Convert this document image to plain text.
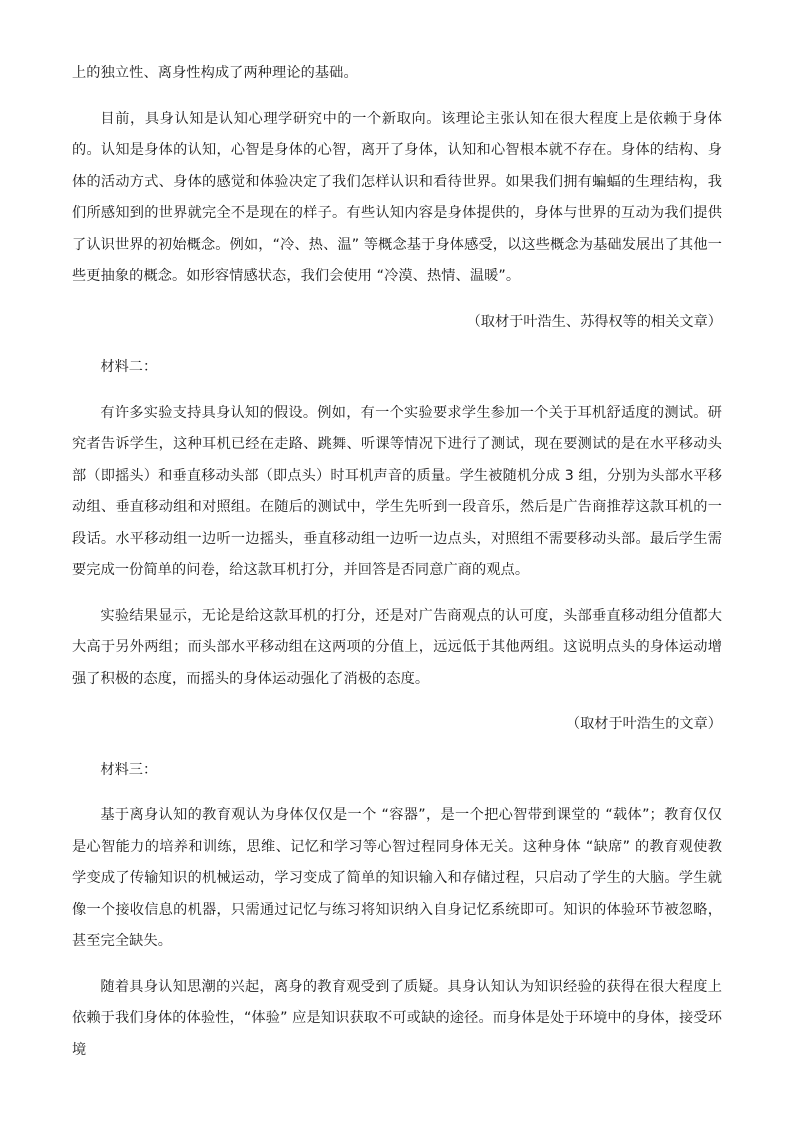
上的独立性、离身性构成了两种理论的基础。

目前，具身认知是认知心理学研究中的一个新取向。该理论主张认知在很大程度上是依赖于身体的。认知是身体的认知，心智是身体的心智，离开了身体，认知和心智根本就不存在。身体的结构、身体的活动方式、身体的感觉和体验决定了我们怎样认识和看待世界。如果我们拥有蝙蝠的生理结构，我们所感知到的世界就完全不是现在的样子。有些认知内容是身体提供的，身体与世界的互动为我们提供了认识世界的初始概念。例如，“冷、热、温” 等概念基于身体感受，以这些概念为基础发展出了其他一些更抽象的概念。如形容情感状态，我们会使用 “冷漠、热情、温暖”。

（取材于叶浩生、苏得权等的相关文章）

材料二：

有许多实验支持具身认知的假设。例如，有一个实验要求学生参加一个关于耳机舒适度的测试。研究者告诉学生，这种耳机已经在走路、跳舞、听课等情况下进行了测试，现在要测试的是在水平移动头部（即摇头）和垂直移动头部（即点头）时耳机声音的质量。学生被随机分成 3 组，分别为头部水平移动组、垂直移动组和对照组。在随后的测试中，学生先听到一段音乐，然后是广告商推荐这款耳机的一段话。水平移动组一边听一边摇头，垂直移动组一边听一边点头，对照组不需要移动头部。最后学生需要完成一份简单的问卷，给这款耳机打分，并回答是否同意广商的观点。

实验结果显示，无论是给这款耳机的打分，还是对广告商观点的认可度，头部垂直移动组分值都大大高于另外两组；而头部水平移动组在这两项的分值上，远远低于其他两组。这说明点头的身体运动增强了积极的态度，而摇头的身体运动强化了消极的态度。

（取材于叶浩生的文章）

材料三：

基于离身认知的教育观认为身体仅仅是一个 “容器”，是一个把心智带到课堂的 “载体”；教育仅仅是心智能力的培养和训练，思维、记忆和学习等心智过程同身体无关。这种身体 “缺席” 的教育观使教学变成了传输知识的机械运动，学习变成了简单的知识输入和存储过程，只启动了学生的大脑。学生就像一个接收信息的机器，只需通过记忆与练习将知识纳入自身记忆系统即可。知识的体验环节被忽略，甚至完全缺失。

随着具身认知思潮的兴起，离身的教育观受到了质疑。具身认知认为知识经验的获得在很大程度上依赖于我们身体的体验性，“体验” 应是知识获取不可或缺的途径。而身体是处于环境中的身体，接受环境
